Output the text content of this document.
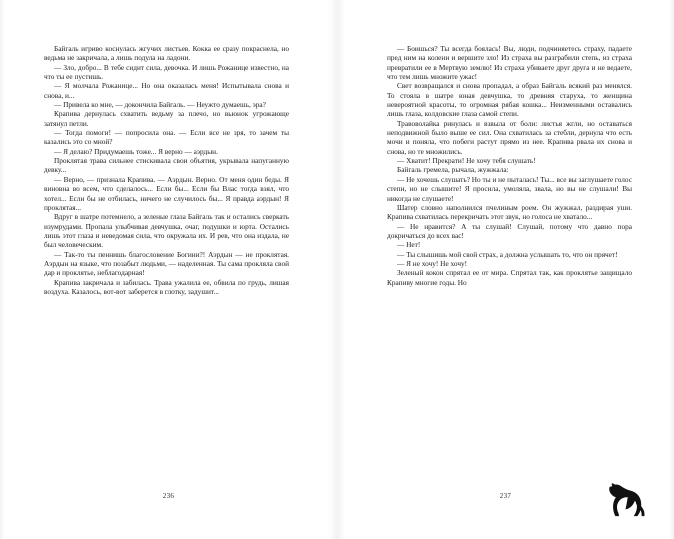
Байгаль игриво коснулась жгучих листьев. Кокка ее сразу покраснела, но ведьма не закричала, а лишь подула на ладони.

— Зло, добро... В тебе сидит сила, девочка. И лишь Рожанице известно, на что ты ее пустишь.

— Я молчала Рожанице... Но она оказалась меня! Испытывала снова и снова, и...

— Привела ко мне, — докончила Байгаль. — Неужто думаешь, эра?

Крапива дернулась схватить ведьму за плечо, но вьюнок угрожающе затянул петли.

— Тогда помоги! — попросила она. — Если все не зря, то зачем ты казались это со мной?

— Я делаю? Придумаешь тоже... Я верно — аэрдын.

Проклятая трава сильнее стискивала свои объятия, укрывала напуганную девку...

— Верно, — признала Крапива. — Аэрдын. Верно. От меня один беды. Я виновна во всем, что сделалось... Если бы... Если бы Влас тогда взял, что хотел... Если бы не отбилась, ничего не случилось бы... Я правда аэрдын! Я проклятая...

Вдруг в шатре потемнело, а зеленые глаза Байгаль так и остались сверкать изумрудами. Пропала улыбчивая девчушка, очаг, подушки и юрта. Остались лишь этот глаза и неведомая сила, что окружала их. И рев, что она издала, не был человеческим.

— Так-то ты пеннишь благословение Богини?! Аэрдын — не проклятая. Аэрдын на языке, что позабыт людьми, — наделенная. Ты сама прокляла свой дар и проклятье, неблагодарная!

Крапива закричала и забилась. Трава ужалила ее, обвила по грудь, лишая воздуха. Казалось, вот-вот заберется в глотку, задушит...

236

— Боишься? Ты всегда боялась! Вы, люди, подчиняетесь страху, падаете пред ним на колени и вершите зло! Из страха вы разграбили степь, из страха превратили ее в Мертвую землю! Из страха убиваете друг друга и не ведаете, что тем лишь множите ужас!

Свет возвращался и снова пропадал, а образ Байгаль всякий раз менялся. То стояла в шатре юная девчушка, то древняя старуха, то женщина невероятной красоты, то огромная рябая кошка... Неизменными оставались лишь глаза, колдовские глаза самой степи.

Травоволайка ринулась и взвыла от боли: листья жгли, но оставаться неподвижной было выше ее сил. Она схватилась за стебли, дернула что есть мочи и поняла, что побеги растут прямо из нее. Крапива рвала их снова и снова, но те множились.

— Хватит! Прекрати! Не хочу тебя слушать!

Байгаль гремела, рычала, жужжала:

— Не хочешь слушать? Но ты и не пыталась! Ты... все вы заглушаете голос степи, но не слышите! Я просила, умоляла, звала, но вы не слушали! Вы никогда не слушаете!

Шатер словно наполнился пчелиным роем. Он жужжал, раздирая уши. Крапива схватилась перекричать этот звук, но голоса не хватало...

— Не нравится? А ты слушай! Слушай, потому что давно пора докричаться до всех вас!

— Нет!

— Ты слышишь мой свой страх, а должна услышать то, что он прячет!

— Я не хочу! Не хочу!

Зеленый кокон спрятал ее от мира. Спрятал так, как проклятье защищало Крапиву многие годы. Но

237
